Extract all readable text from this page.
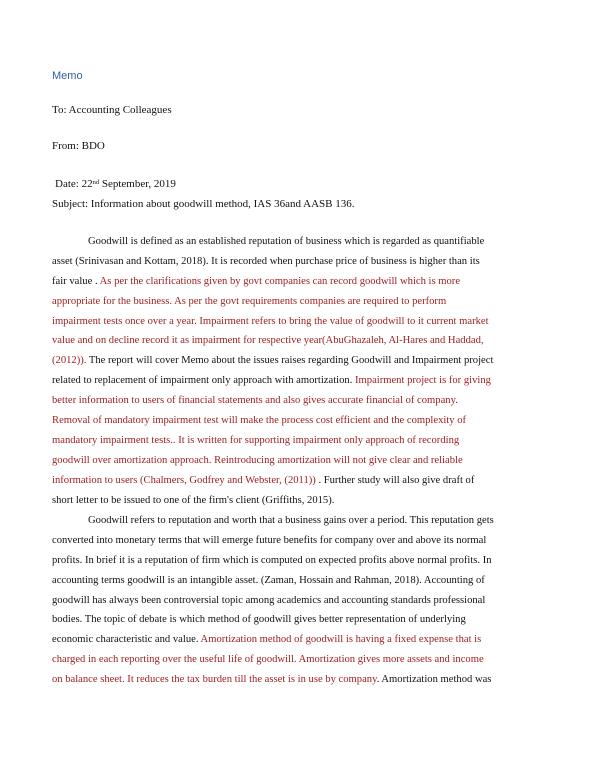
Memo
To: Accounting Colleagues
From: BDO
Date: 22nd September, 2019
Subject: Information about goodwill method, IAS 36and AASB 136.
Goodwill is defined as an established reputation of business which is regarded as quantifiable
asset (Srinivasan and Kottam, 2018). It is recorded when purchase price of business is higher than its
fair value . As per the clarifications given by govt companies can record goodwill which is more
appropriate for the business. As per the govt requirements companies are required to perform
impairment tests once over a year. Impairment refers to bring the value of goodwill to it current market
value and on decline record it as impairment for respective year(AbuGhazaleh, Al-Hares and Haddad,
(2012)). The report will cover Memo about the issues raises regarding Goodwill and Impairment project
related to replacement of impairment only approach with amortization. Impairment project is for giving
better information to users of financial statements and also gives accurate financial of company.
Removal of mandatory impairment test will make the process cost efficient and the complexity of
mandatory impairment tests.. It is written for supporting impairment only approach of recording
goodwill over amortization approach. Reintroducing amortization will not give clear and reliable
information to users (Chalmers, Godfrey and Webster, (2011)) . Further study will also give draft of
short letter to be issued to one of the firm's client (Griffiths, 2015).
Goodwill refers to reputation and worth that a business gains over a period. This reputation gets
converted into monetary terms that will emerge future benefits for company over and above its normal
profits. In brief it is a reputation of firm which is computed on expected profits above normal profits. In
accounting terms goodwill is an intangible asset. (Zaman, Hossain and Rahman, 2018). Accounting of
goodwill has always been controversial topic among academics and accounting standards professional
bodies. The topic of debate is which method of goodwill gives better representation of underlying
economic characteristic and value. Amortization method of goodwill is having a fixed expense that is
charged in each reporting over the useful life of goodwill. Amortization gives more assets and income
on balance sheet. It reduces the tax burden till the asset is in use by company. Amortization method was
